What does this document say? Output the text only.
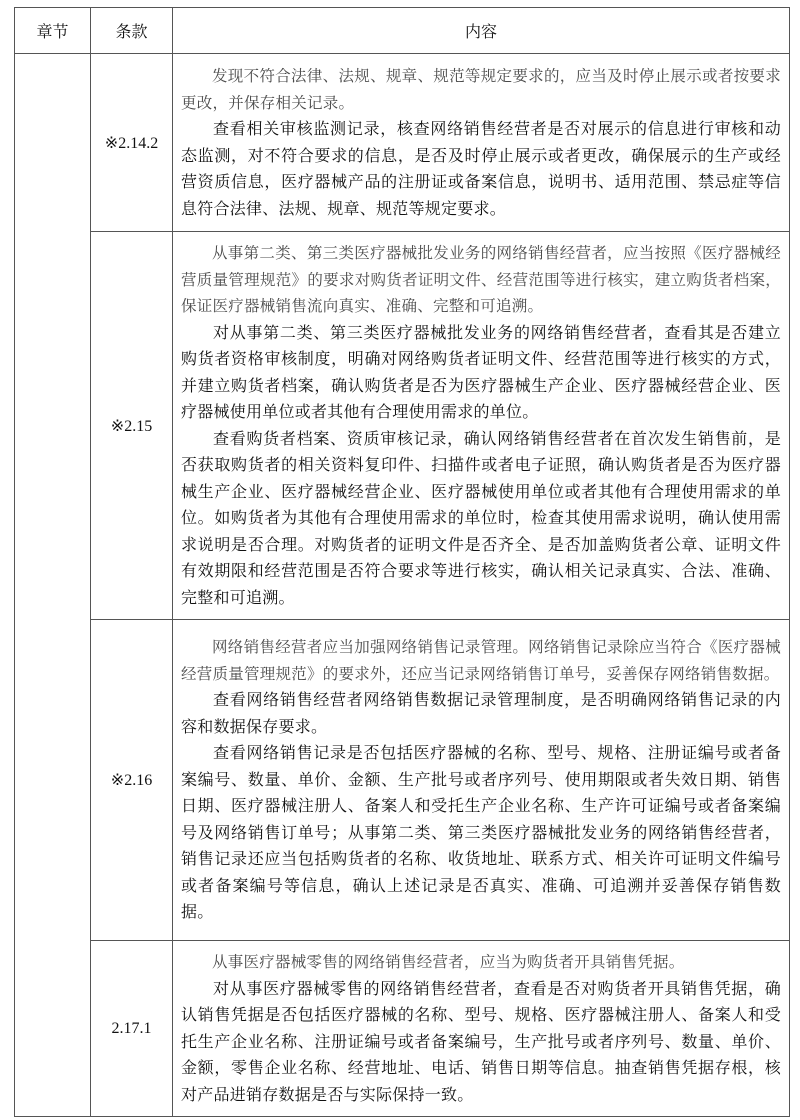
章节	条款	内容
	※2.14.2	发现不符合法律、法规、规章、规范等规定要求的，应当及时停止展示或者按要求更改，并保存相关记录。

查看相关审核监测记录，核查网络销售经营者是否对展示的信息进行审核和动态监测，对不符合要求的信息，是否及时停止展示或者更改，确保展示的生产或经营资质信息，医疗器械产品的注册证或备案信息，说明书、适用范围、禁忌症等信息符合法律、法规、规章、规范等规定要求。

	※2.15	从事第二类、第三类医疗器械批发业务的网络销售经营者，应当按照《医疗器械经营质量管理规范》的要求对购货者证明文件、经营范围等进行核实，建立购货者档案，保证医疗器械销售流向真实、准确、完整和可追溯。

对从事第二类、第三类医疗器械批发业务的网络销售经营者，查看其是否建立购货者资格审核制度，明确对网络购货者证明文件、经营范围等进行核实的方式，并建立购货者档案，确认购货者是否为医疗器械生产企业、医疗器械经营企业、医疗器械使用单位或者其他有合理使用需求的单位。

查看购货者档案、资质审核记录，确认网络销售经营者在首次发生销售前，是否获取购货者的相关资料复印件、扫描件或者电子证照，确认购货者是否为医疗器械生产企业、医疗器械经营企业、医疗器械使用单位或者其他有合理使用需求的单位。如购货者为其他有合理使用需求的单位时，检查其使用需求说明，确认使用需求说明是否合理。对购货者的证明文件是否齐全、是否加盖购货者公章、证明文件有效期限和经营范围是否符合要求等进行核实，确认相关记录真实、合法、准确、完整和可追溯。

	※2.16	网络销售经营者应当加强网络销售记录管理。网络销售记录除应当符合《医疗器械经营质量管理规范》的要求外，还应当记录网络销售订单号，妥善保存网络销售数据。

查看网络销售经营者网络销售数据记录管理制度，是否明确网络销售记录的内容和数据保存要求。

查看网络销售记录是否包括医疗器械的名称、型号、规格、注册证编号或者备案编号、数量、单价、金额、生产批号或者序列号、使用期限或者失效日期、销售日期、医疗器械注册人、备案人和受托生产企业名称、生产许可证编号或者备案编号及网络销售订单号；从事第二类、第三类医疗器械批发业务的网络销售经营者，销售记录还应当包括购货者的名称、收货地址、联系方式、相关许可证明文件编号或者备案编号等信息，确认上述记录是否真实、准确、可追溯并妥善保存销售数据。

	2.17.1	从事医疗器械零售的网络销售经营者，应当为购货者开具销售凭据。

对从事医疗器械零售的网络销售经营者，查看是否对购货者开具销售凭据，确认销售凭据是否包括医疗器械的名称、型号、规格、医疗器械注册人、备案人和受托生产企业名称、注册证编号或者备案编号，生产批号或者序列号、数量、单价、金额，零售企业名称、经营地址、电话、销售日期等信息。抽查销售凭据存根，核对产品进销存数据是否与实际保持一致。
